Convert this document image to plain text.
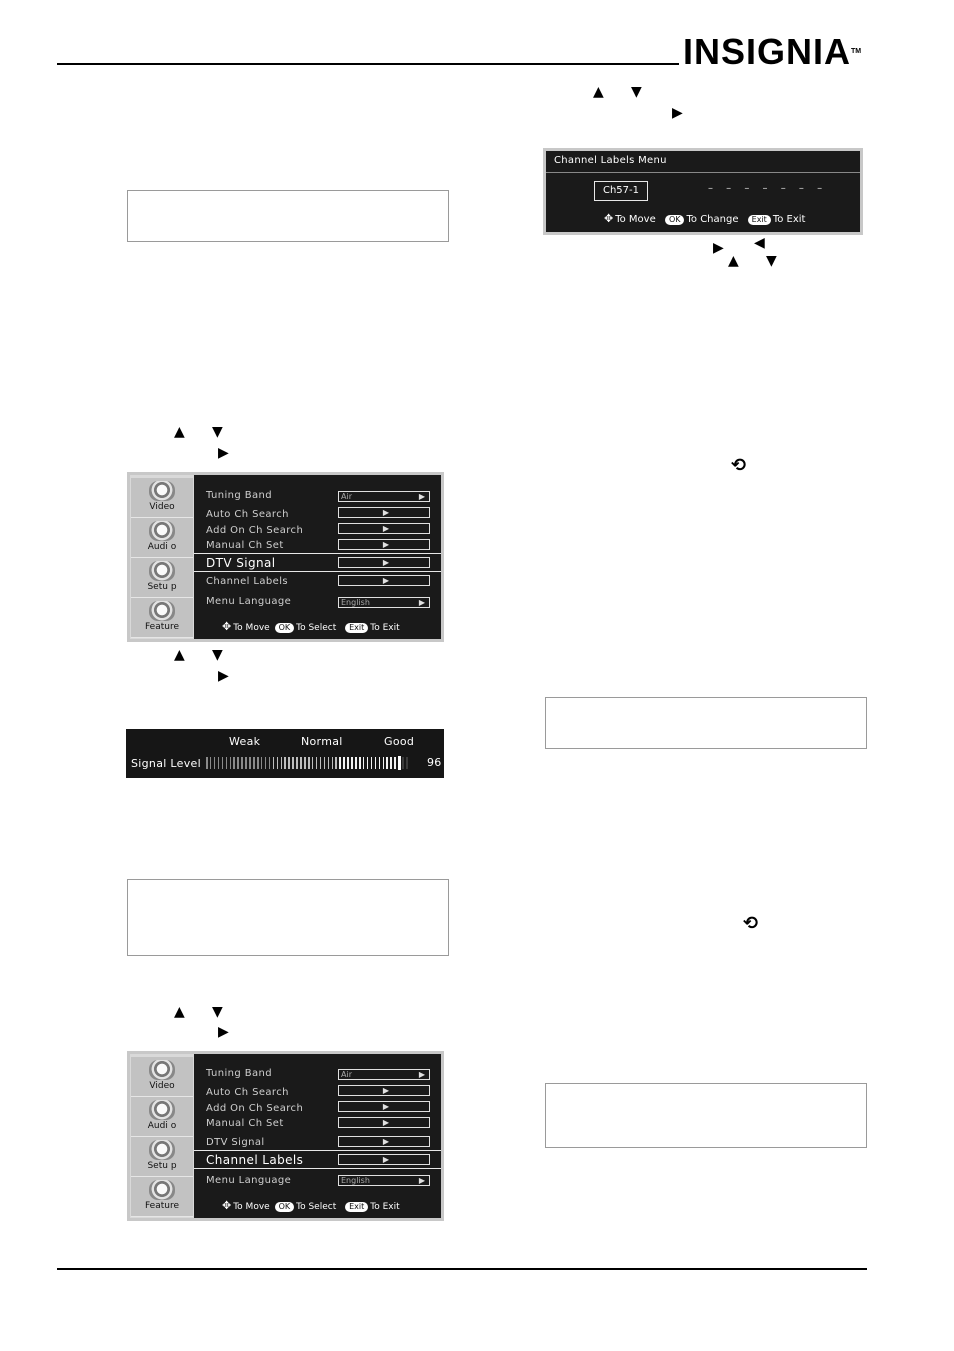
INSIGNIA™
▲ ▼
▶
Video
Audi o
Setu p
Feature
Tuning Band	Air	▶
Auto Ch Search	▶
Add On Ch Search	▶
Manual Ch Set	▶
DTV Signal	▶
Channel Labels	▶
Menu Language	English	▶
✥ To Move OK To Select Exit To Exit
▲ ▼
▶
Weak	Normal	Good
Signal Level	96
▲ ▼
▶
Video
Audi o
Setu p
Feature
Tuning Band	Air	▶
Auto Ch Search	▶
Add On Ch Search	▶
Manual Ch Set	▶
DTV Signal	▶
Channel Labels	▶
Menu Language	English	▶
✥ To Move OK To Select Exit To Exit
▲ ▼
▶
Channel Labels Menu
Ch57-1	– – – – – – –
✥ To Move OK To Change Exit To Exit
▶ ◀
▲ ▼
⟲
⟲
